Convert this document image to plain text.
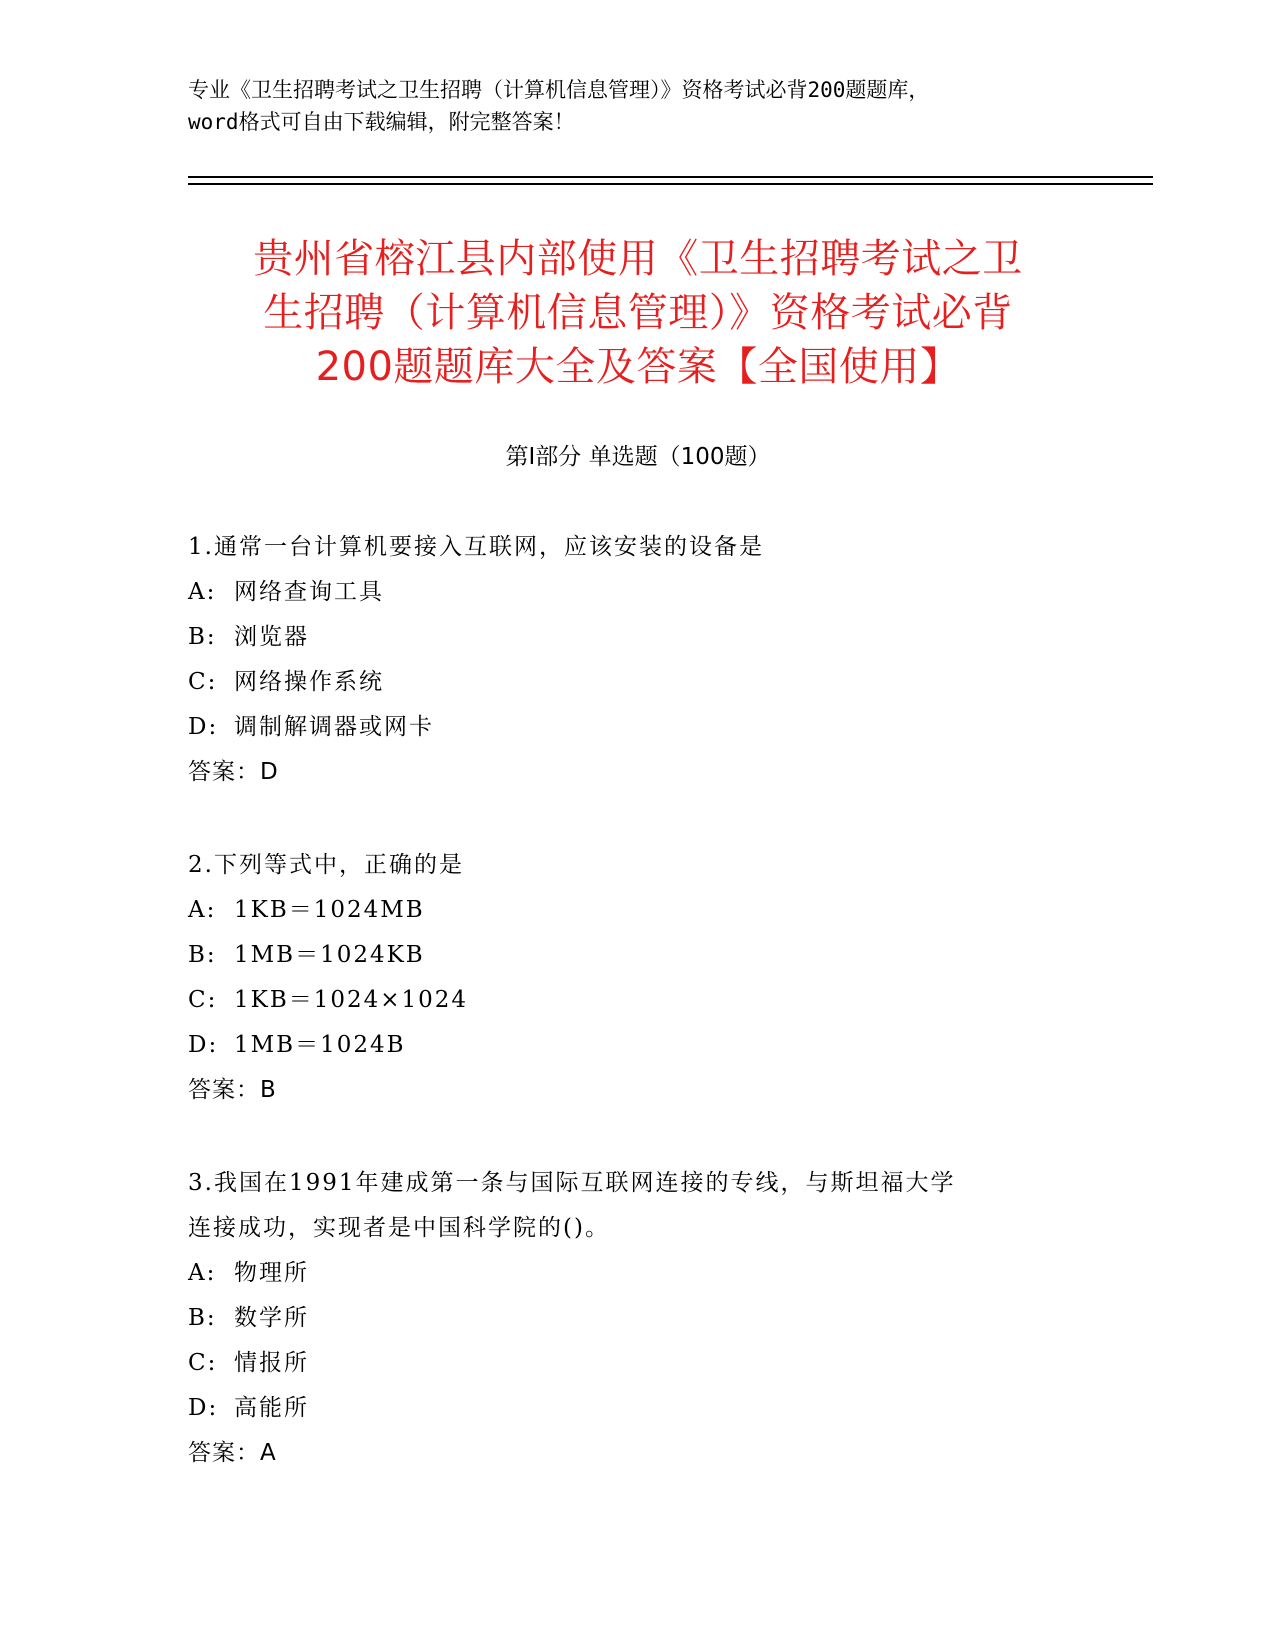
专业《卫生招聘考试之卫生招聘（计算机信息管理）》资格考试必背200题题库，
word格式可自由下载编辑，附完整答案！
贵州省榕江县内部使用《卫生招聘考试之卫
生招聘（计算机信息管理）》资格考试必背
200题题库大全及答案【全国使用】
第Ⅰ部分 单选题（100题）
1.通常一台计算机要接入互联网，应该安装的设备是
A: 网络查询工具
B: 浏览器
C: 网络操作系统
D: 调制解调器或网卡
答案：D
2.下列等式中，正确的是
A: 1KB＝1024MB
B: 1MB＝1024KB
C: 1KB＝1024×1024
D: 1MB＝1024B
答案：B
3.我国在1991年建成第一条与国际互联网连接的专线，与斯坦福大学
连接成功，实现者是中国科学院的()。
A: 物理所
B: 数学所
C: 情报所
D: 高能所
答案：A
